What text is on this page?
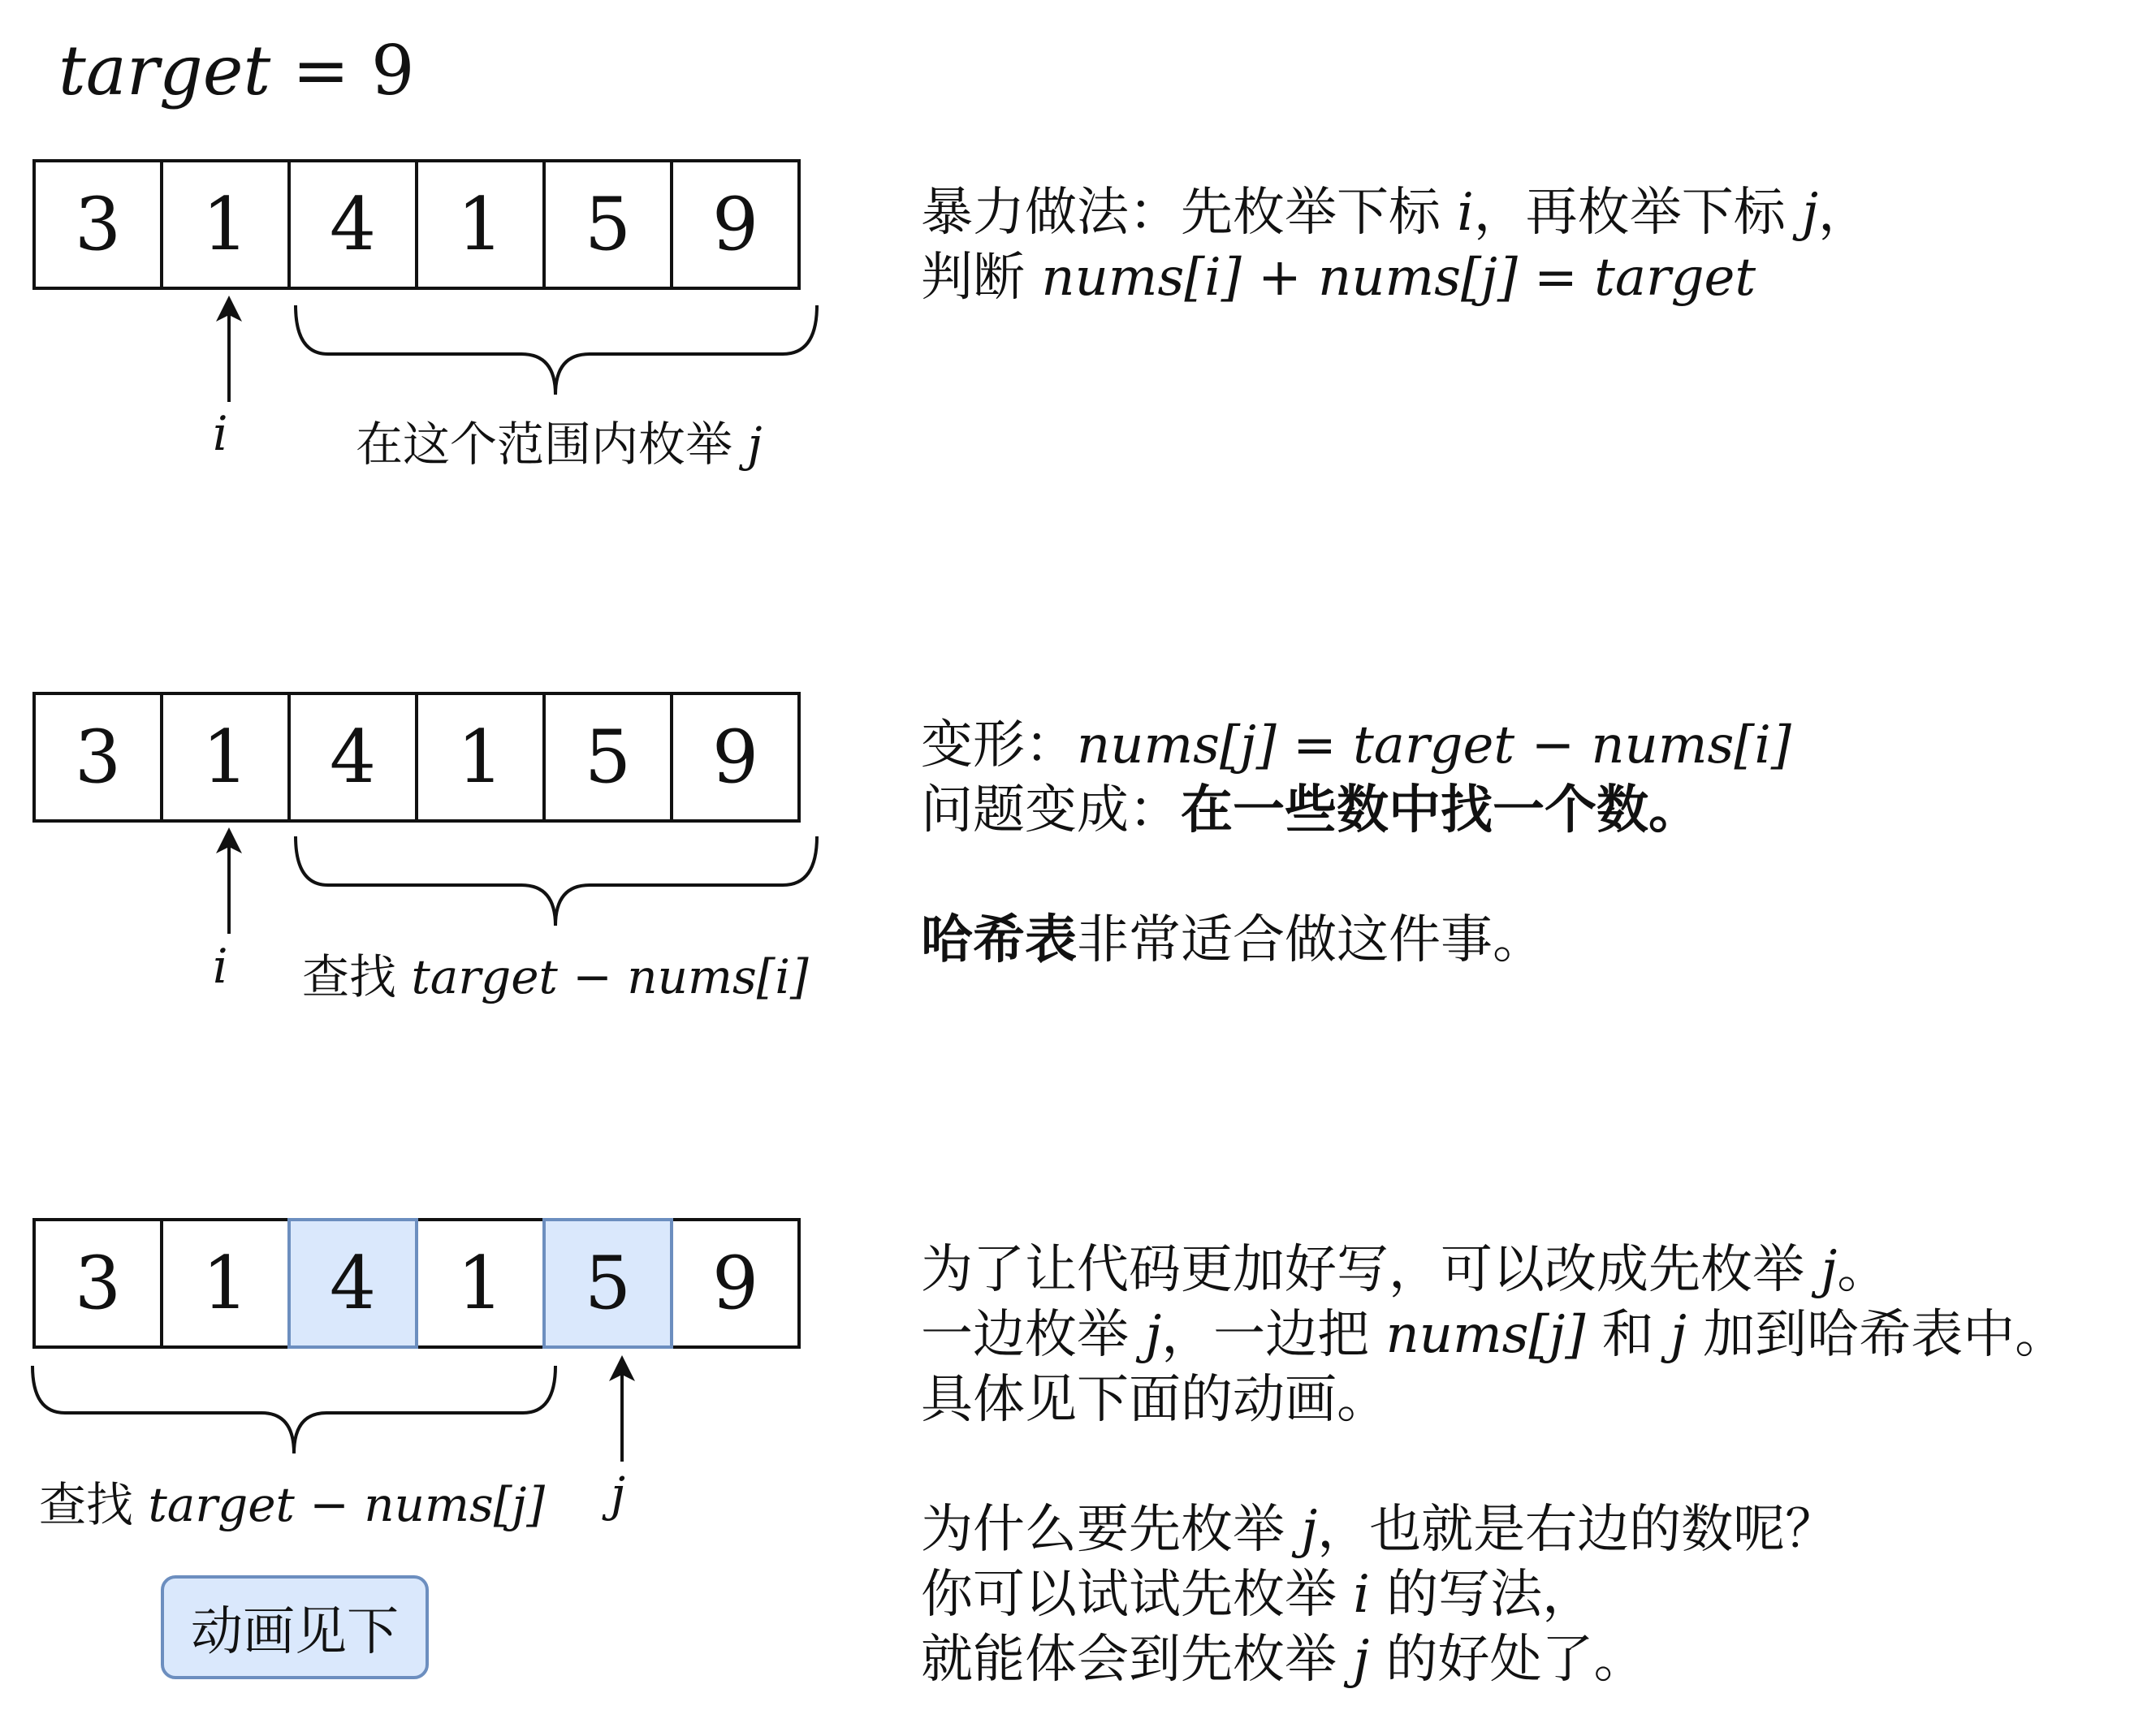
target = 9
3	1	4	1	5	9
3	1	4	1	5	9
3	1	4	1	5	9
i	在这个范围内枚举 j
暴力做法：先枚举下标 i，再枚举下标 j，
判断 nums[i] + nums[j] = target
i 查找 target − nums[i]
变形：nums[j] = target − nums[i]
问题变成：在一些数中找一个数。
哈希表非常适合做这件事。
查找 target − nums[j] j
动画见下
为了让代码更加好写，可以改成先枚举 j。
一边枚举 j，一边把 nums[j] 和 j 加到哈希表中。
具体见下面的动画。
为什么要先枚举 j，也就是右边的数呢？
你可以试试先枚举 i 的写法，
就能体会到先枚举 j 的好处了。
